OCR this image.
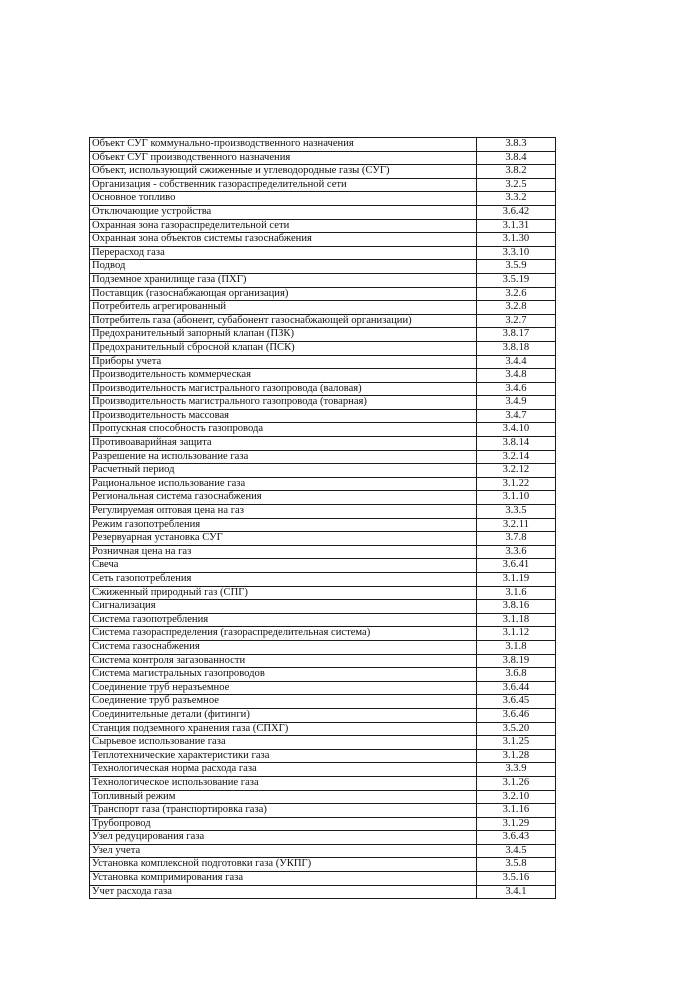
Объект СУГ коммунально-производственного назначения	3.8.3
Объект СУГ производственного назначения	3.8.4
Объект, использующий сжиженные и углеводородные газы (СУГ)	3.8.2
Организация - собственник газораспределительной сети	3.2.5
Основное топливо	3.3.2
Отключающие устройства	3.6.42
Охранная зона газораспределительной сети	3.1.31
Охранная зона объектов системы газоснабжения	3.1.30
Перерасход газа	3.3.10
Подвод	3.5.9
Подземное хранилище газа (ПХГ)	3.5.19
Поставщик (газоснабжающая организация)	3.2.6
Потребитель агрегированный	3.2.8
Потребитель газа (абонент, субабонент газоснабжающей организации)	3.2.7
Предохранительный запорный клапан (ПЗК)	3.8.17
Предохранительный сбросной клапан (ПСК)	3.8.18
Приборы учета	3.4.4
Производительность коммерческая	3.4.8
Производительность магистрального газопровода (валовая)	3.4.6
Производительность магистрального газопровода (товарная)	3.4.9
Производительность массовая	3.4.7
Пропускная способность газопровода	3.4.10
Противоаварийная защита	3.8.14
Разрешение на использование газа	3.2.14
Расчетный период	3.2.12
Рациональное использование газа	3.1.22
Региональная система газоснабжения	3.1.10
Регулируемая оптовая цена на газ	3.3.5
Режим газопотребления	3.2.11
Резервуарная установка СУГ	3.7.8
Розничная цена на газ	3.3.6
Свеча	3.6.41
Сеть газопотребления	3.1.19
Сжиженный природный газ (СПГ)	3.1.6
Сигнализация	3.8.16
Система газопотребления	3.1.18
Система газораспределения (газораспределительная система)	3.1.12
Система газоснабжения	3.1.8
Система контроля загазованности	3.8.19
Система магистральных газопроводов	3.6.8
Соединение труб неразъемное	3.6.44
Соединение труб разъемное	3.6.45
Соединительные детали (фитинги)	3.6.46
Станция подземного хранения газа (СПХГ)	3.5.20
Сырьевое использование газа	3.1.25
Теплотехнические характеристики газа	3.1.28
Технологическая норма расхода газа	3.3.9
Технологическое использование газа	3.1.26
Топливный режим	3.2.10
Транспорт газа (транспортировка газа)	3.1.16
Трубопровод	3.1.29
Узел редуцирования газа	3.6.43
Узел учета	3.4.5
Установка комплексной подготовки газа (УКПГ)	3.5.8
Установка компримирования газа	3.5.16
Учет расхода газа	3.4.1
